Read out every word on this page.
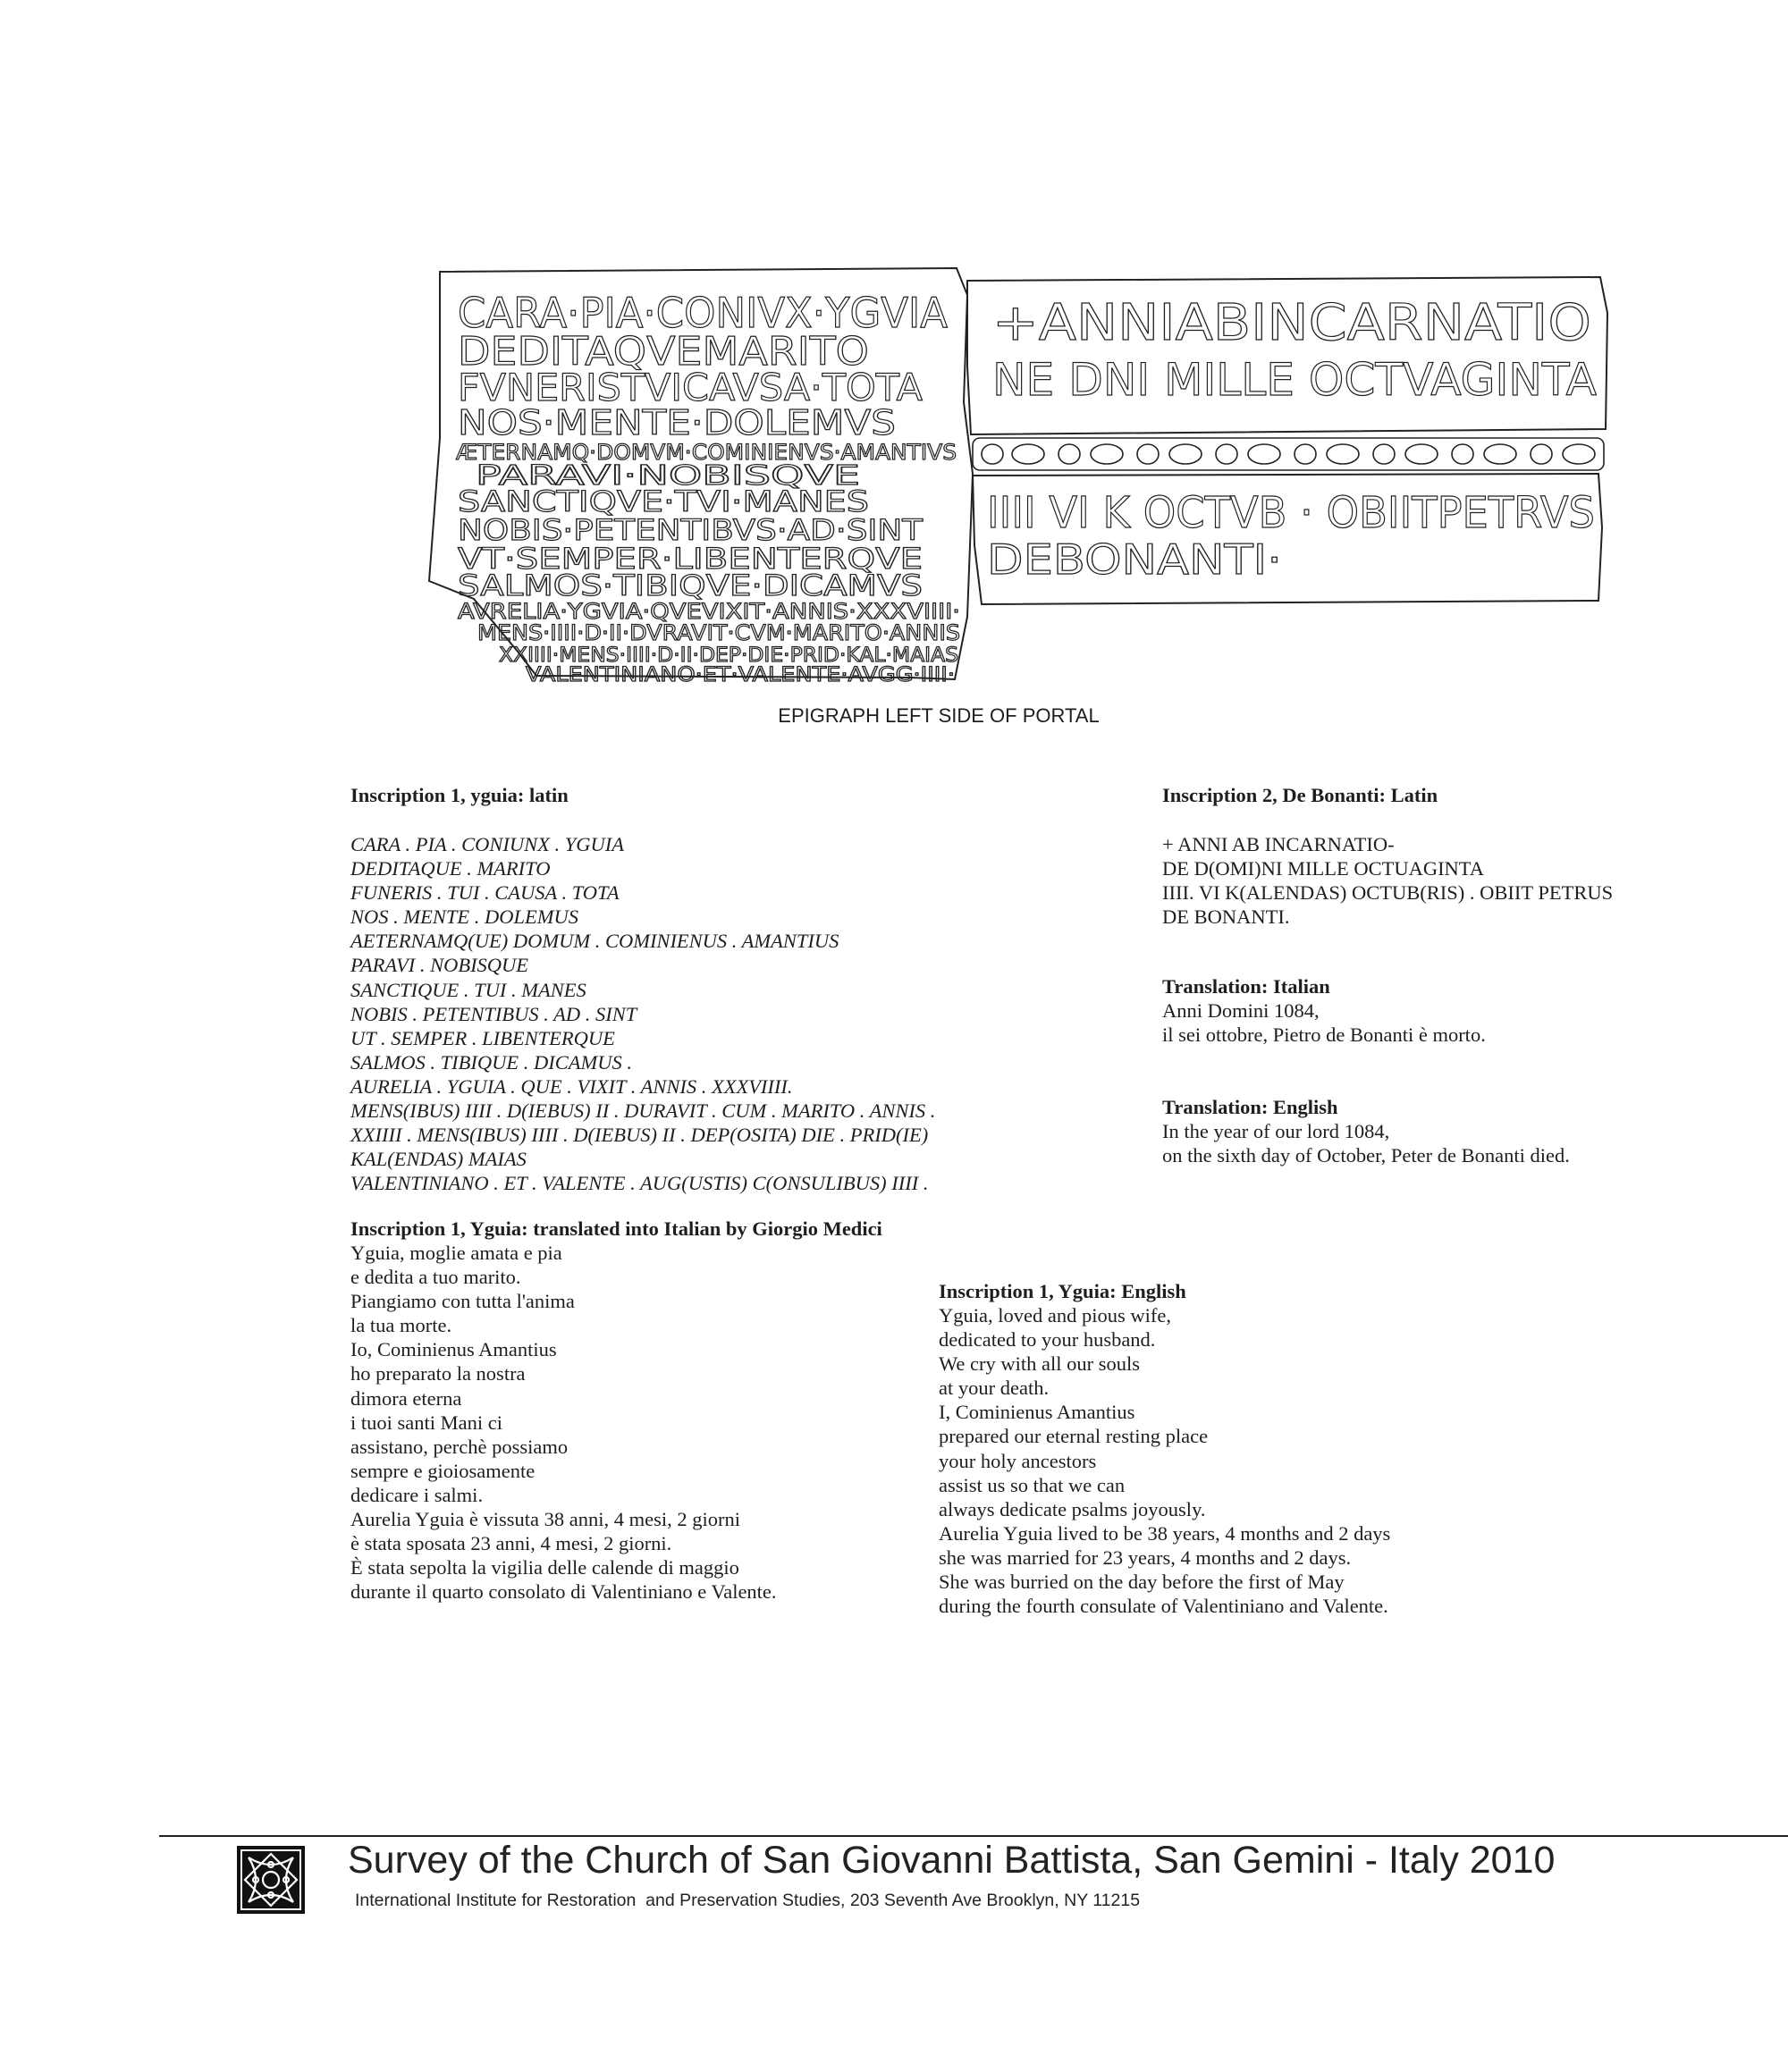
CARA·PIA·CONIVX·YGVIA
DEDITAQVEMARITO
FVNERISTVICAVSA·TOTA
NOS·MENTE·DOLEMVS
ÆTERNAMQ·DOMVM·COMINIENVS·AMANTIVS
PARAVI·NOBISQVE
SANCTIQVE·TVI·MANES
NOBIS·PETENTIBVS·AD·SINT
VT·SEMPER·LIBENTERQVE
SALMOS·TIBIQVE·DICAMVS
AVRELIA·YGVIA·QVEVIXIT·ANNIS·XXXVIIII·
MENS·IIII·D·II·DVRAVIT·CVM·MARITO·ANNIS
XXIIII·MENS·IIII·D·II·DEP·DIE·PRID·KAL·MAIAS
VALENTINIANO·ET·VALENTE·AVGG·IIII·
+ANNIABINCARNATIO
NE DNI MILLE OCTVAGINTA
IIII VI K OCTVB · OBIITPETRVS
DEBONANTI·
EPIGRAPH LEFT SIDE OF PORTAL
Inscription 1, yguia: latin
CARA . PIA . CONIUNX . YGUIA
DEDITAQUE . MARITO
FUNERIS . TUI . CAUSA . TOTA
NOS . MENTE . DOLEMUS
AETERNAMQ(UE) DOMUM . COMINIENUS . AMANTIUS
PARAVI . NOBISQUE
SANCTIQUE . TUI . MANES
NOBIS . PETENTIBUS . AD . SINT
UT . SEMPER . LIBENTERQUE
SALMOS . TIBIQUE . DICAMUS .
AURELIA . YGUIA . QUE . VIXIT . ANNIS . XXXVIIII.
MENS(IBUS) IIII . D(IEBUS) II . DURAVIT . CUM . MARITO . ANNIS .
XXIIII . MENS(IBUS) IIII . D(IEBUS) II . DEP(OSITA) DIE . PRID(IE)
KAL(ENDAS) MAIAS
VALENTINIANO . ET . VALENTE . AUG(USTIS) C(ONSULIBUS) IIII .
Inscription 2, De Bonanti: Latin
+ ANNI AB INCARNATIO-
DE D(OMI)NI MILLE OCTUAGINTA
IIII. VI K(ALENDAS) OCTUB(RIS) . OBIIT PETRUS
DE BONANTI.
Translation: Italian
Anni Domini 1084,
il sei ottobre, Pietro de Bonanti è morto.
Translation: English
In the year of our lord 1084,
on the sixth day of October, Peter de Bonanti died.
Inscription 1, Yguia: translated into Italian by Giorgio Medici
Yguia, moglie amata e pia
e dedita a tuo marito.
Piangiamo con tutta l'anima
la tua morte.
Io, Cominienus Amantius
ho preparato la nostra
dimora eterna
i tuoi santi Mani ci
assistano, perchè possiamo
sempre e gioiosamente
dedicare i salmi.
Aurelia Yguia è vissuta 38 anni, 4 mesi, 2 giorni
è stata sposata 23 anni, 4 mesi, 2 giorni.
È stata sepolta la vigilia delle calende di maggio
durante il quarto consolato di Valentiniano e Valente.
Inscription 1, Yguia: English
Yguia, loved and pious wife,
dedicated to your husband.
We cry with all our souls
at your death.
I, Cominienus Amantius
prepared our eternal resting place
your holy ancestors
assist us so that we can
always dedicate psalms joyously.
Aurelia Yguia lived to be 38 years, 4 months and 2 days
she was married for 23 years, 4 months and 2 days.
She was burried on the day before the first of May
during the fourth consulate of Valentiniano and Valente.
Survey of the Church of San Giovanni Battista, San Gemini - Italy 2010
International Institute for Restoration  and Preservation Studies, 203 Seventh Ave Brooklyn, NY 11215
